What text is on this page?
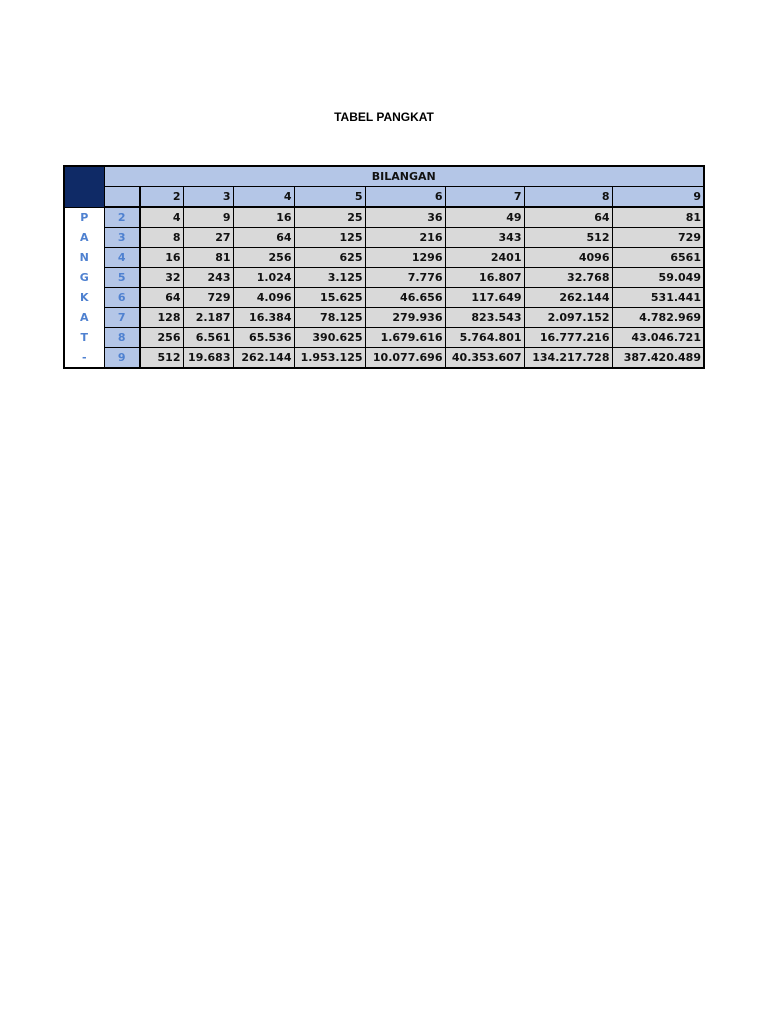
TABEL PANGKAT
	BILANGAN								
		2	3	4	5	6	7	8	9
P	2	4	9	16	25	36	49	64	81
A	3	8	27	64	125	216	343	512	729
N	4	16	81	256	625	1296	2401	4096	6561
G	5	32	243	1.024	3.125	7.776	16.807	32.768	59.049
K	6	64	729	4.096	15.625	46.656	117.649	262.144	531.441
A	7	128	2.187	16.384	78.125	279.936	823.543	2.097.152	4.782.969
T	8	256	6.561	65.536	390.625	1.679.616	5.764.801	16.777.216	43.046.721
-	9	512	19.683	262.144	1.953.125	10.077.696	40.353.607	134.217.728	387.420.489
